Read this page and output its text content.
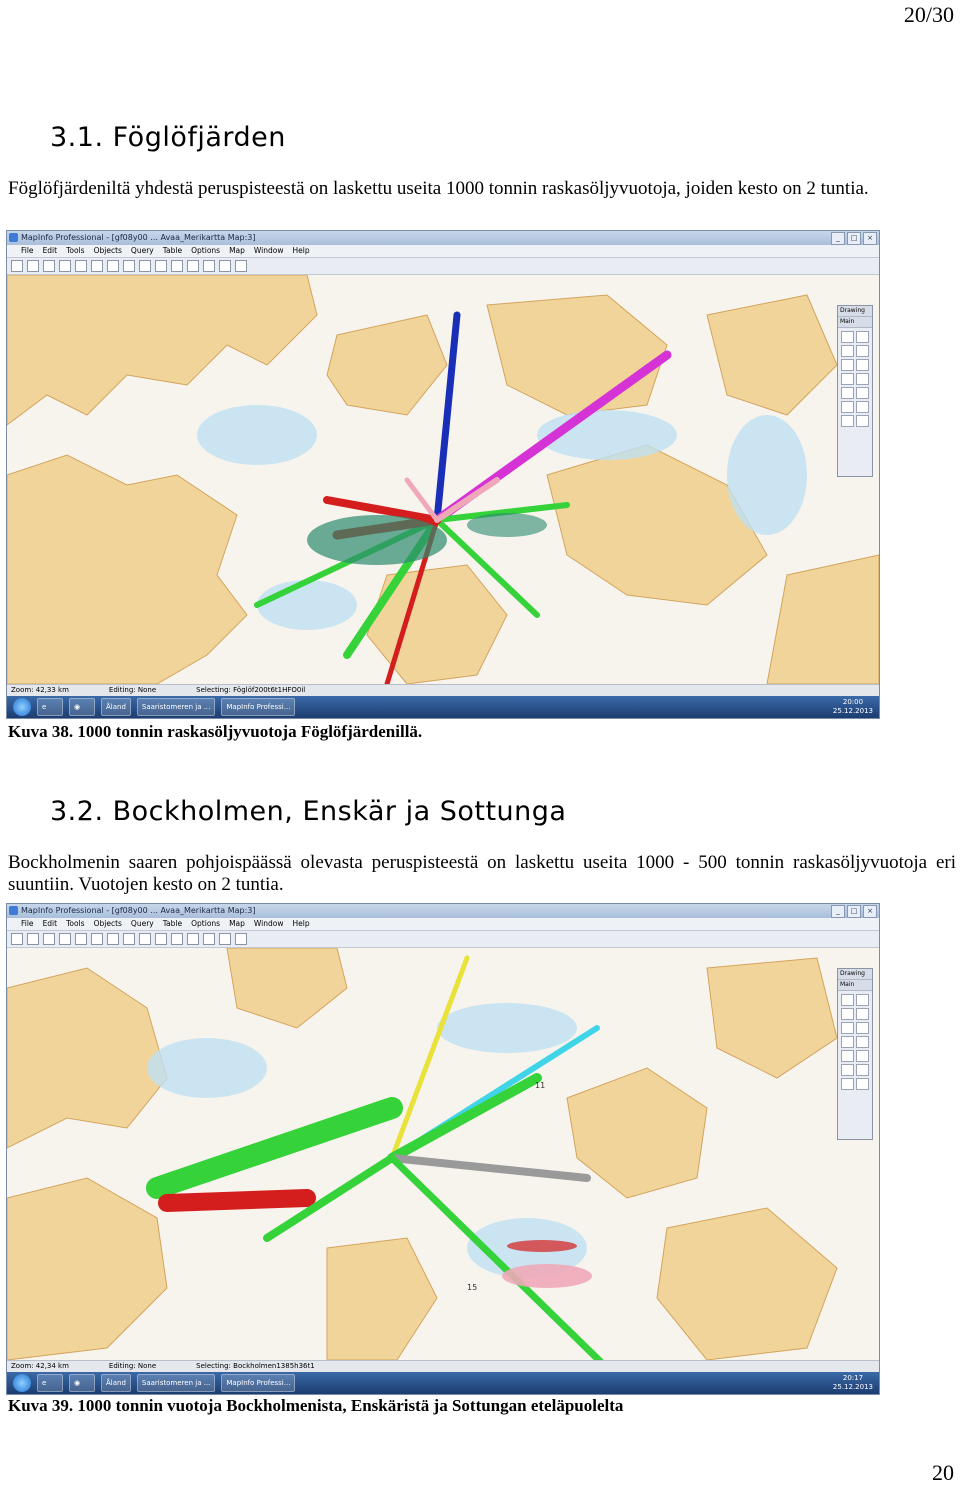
20/30
3.1. Föglöfjärden
Föglöfjärdeniltä yhdestä peruspisteestä on laskettu useita 1000 tonnin raskasöljyvuotoja, joiden kesto on 2 tuntia.
MapInfo Professional - [gf08y00 ... Avaa_Merikartta Map:3]	_	□	×
File Edit Tools Objects Query Table Options Map Window Help
Drawing
Main
Zoom: 42,33 km	Editing: None	Selecting: Föglöf200t6t1HFO0il
e	◉	Åland	Saaristomeren ja ...	MapInfo Professi...
20:00
25.12.2013
Kuva 38. 1000 tonnin raskasöljyvuotoja Föglöfjärdenillä.
3.2. Bockholmen, Enskär ja Sottunga
Bockholmenin saaren pohjoispäässä olevasta peruspisteestä on laskettu useita 1000 - 500 tonnin raskasöljyvuotoja eri suuntiin. Vuotojen kesto on 2 tuntia.
MapInfo Professional - [gf08y00 ... Avaa_Merikartta Map:3]	_	□	×
File Edit Tools Objects Query Table Options Map Window Help
11
15
Drawing
Main
Zoom: 42,34 km	Editing: None	Selecting: Bockholmen1385h36t1
e	◉	Åland	Saaristomeren ja ...	MapInfo Professi...
20:17
25.12.2013
Kuva 39. 1000 tonnin vuotoja Bockholmenista, Enskäristä ja Sottungan eteläpuolelta
20
